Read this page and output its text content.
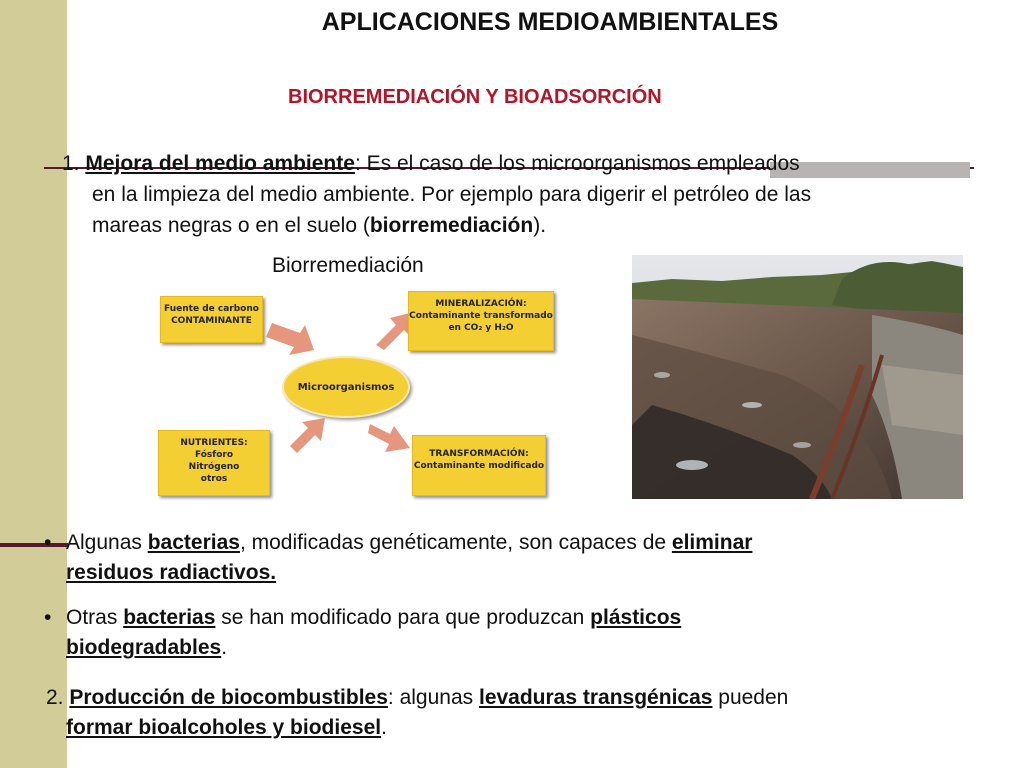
APLICACIONES MEDIOAMBIENTALES
BIORREMEDIACIÓN Y BIOADSORCIÓN
1. Mejora del medio ambiente: Es el caso de los microorganismos empleados
en la limpieza del medio ambiente. Por ejemplo para digerir el petróleo de las
mareas negras o en el suelo (biorremediación).
Biorremediación
Fuente de carbono
CONTAMINANTE
MINERALIZACIÓN:
Contaminante transformado
en CO₂ y H₂O
Microorganismos
NUTRIENTES:
Fósforo
Nitrógeno
otros
TRANSFORMACIÓN:
Contaminante modificado
• Algunas bacterias, modificadas genéticamente, son capaces de eliminar
residuos radiactivos.
• Otras bacterias se han modificado para que produzcan plásticos
biodegradables.
2. Producción de biocombustibles: algunas levaduras transgénicas pueden
formar bioalcoholes y biodiesel.
